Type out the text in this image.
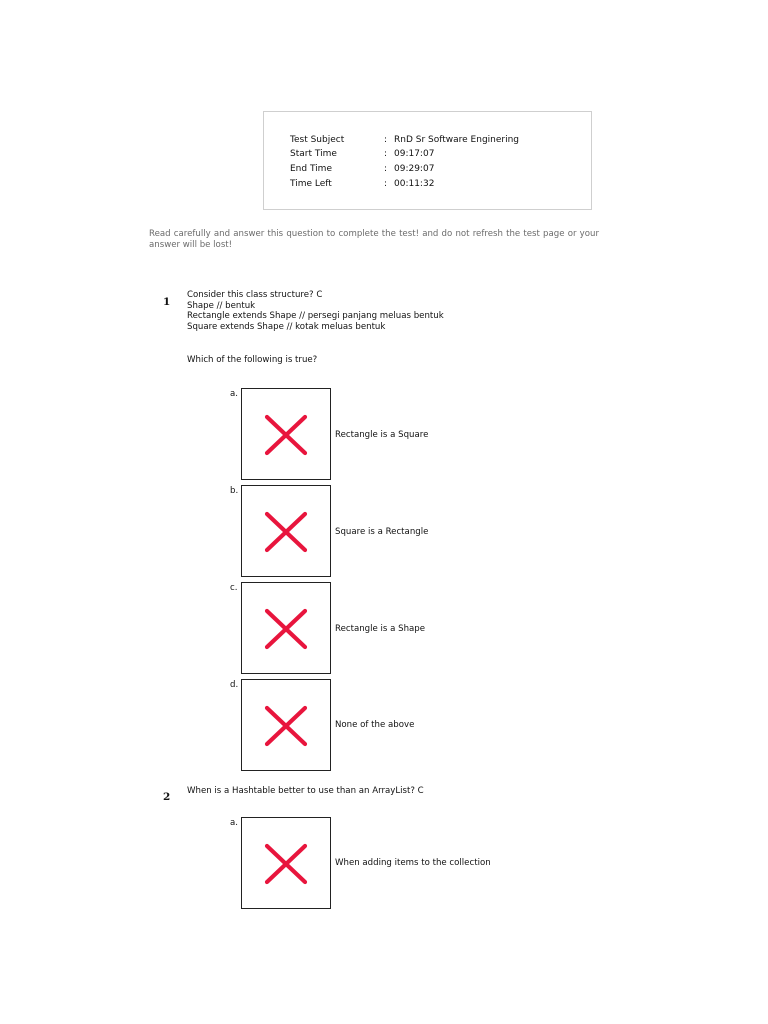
Test Subject	: RnD Sr Software Enginering
Start Time	: 09:17:07
End Time	: 09:29:07
Time Left	: 00:11:32
Read carefully and answer this question to complete the test! and do not refresh the test page or your answer will be lost!
1
Consider this class structure? C
Shape // bentuk
Rectangle extends Shape // persegi panjang meluas bentuk
Square extends Shape // kotak meluas bentuk
Which of the following is true?
a.
Rectangle is a Square
b.
Square is a Rectangle
c.
Rectangle is a Shape
d.
None of the above
2 When is a Hashtable better to use than an ArrayList? C
a.
When adding items to the collection
